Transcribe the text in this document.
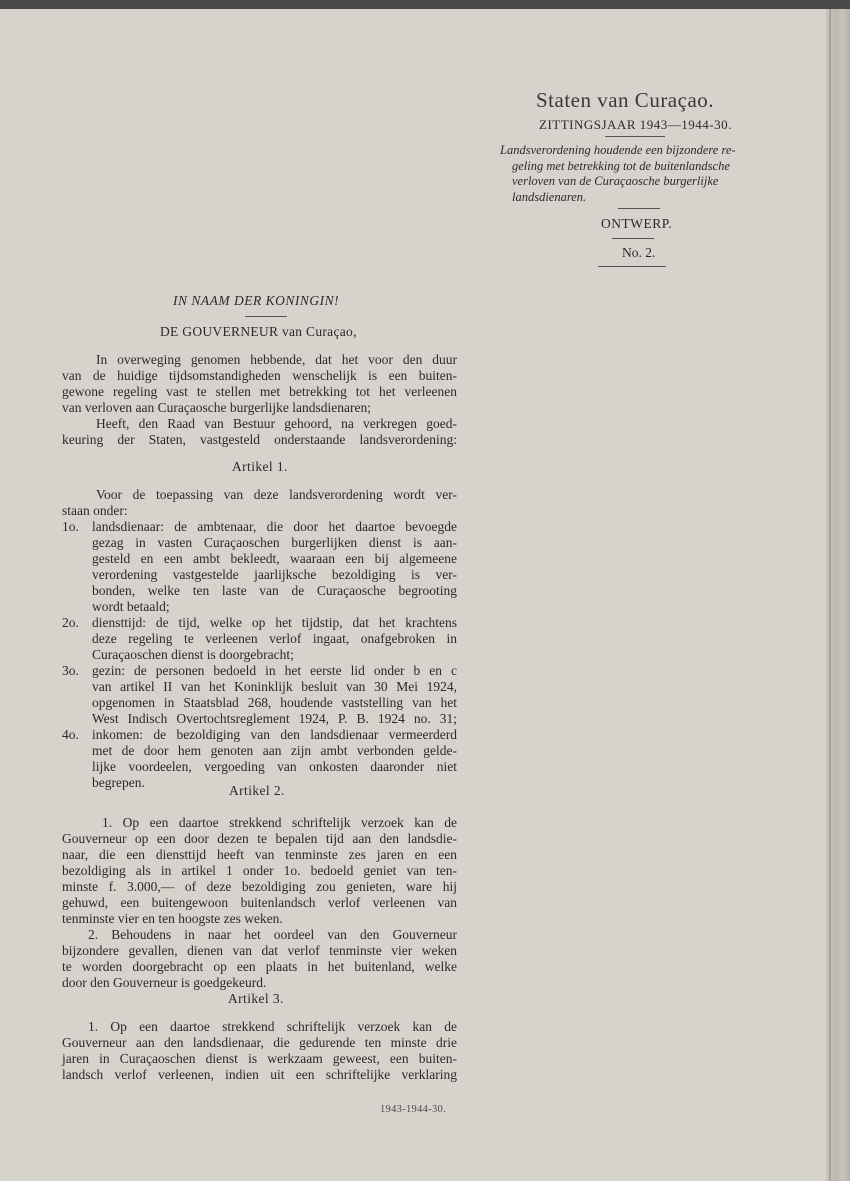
Staten van Curaçao.
ZITTINGSJAAR 1943—1944-30.
Landsverordening houdende een bijzondere re-
geling met betrekking tot de buitenlandsche
verloven van de Curaçaosche burgerlijke
landsdienaren.
ONTWERP.
No. 2.
IN NAAM DER KONINGIN!
DE GOUVERNEUR van Curaçao,
In overweging genomen hebbende, dat het voor den duur
van de huidige tijdsomstandigheden wenschelijk is een buiten-
gewone regeling vast te stellen met betrekking tot het verleenen
van verloven aan Curaçaosche burgerlijke landsdienaren;
Heeft, den Raad van Bestuur gehoord, na verkregen goed-
keuring der Staten, vastgesteld onderstaande landsverordening:
Artikel 1.
Voor de toepassing van deze landsverordening wordt ver-
staan onder:
1o. landsdienaar: de ambtenaar, die door het daartoe bevoegde
gezag in vasten Curaçaoschen burgerlijken dienst is aan-
gesteld en een ambt bekleedt, waaraan een bij algemeene
verordening vastgestelde jaarlijksche bezoldiging is ver-
bonden, welke ten laste van de Curaçaosche begrooting
wordt betaald;
2o. diensttijd: de tijd, welke op het tijdstip, dat het krachtens
deze regeling te verleenen verlof ingaat, onafgebroken in
Curaçaoschen dienst is doorgebracht;
3o. gezin: de personen bedoeld in het eerste lid onder b en c
van artikel II van het Koninklijk besluit van 30 Mei 1924,
opgenomen in Staatsblad 268, houdende vaststelling van het
West Indisch Overtochtsreglement 1924, P. B. 1924 no. 31;
4o. inkomen: de bezoldiging van den landsdienaar vermeerderd
met de door hem genoten aan zijn ambt verbonden gelde-
lijke voordeelen, vergoeding van onkosten daaronder niet
begrepen.
Artikel 2.
1. Op een daartoe strekkend schriftelijk verzoek kan de
Gouverneur op een door dezen te bepalen tijd aan den landsdie-
naar, die een diensttijd heeft van tenminste zes jaren en een
bezoldiging als in artikel 1 onder 1o. bedoeld geniet van ten-
minste f. 3.000,— of deze bezoldiging zou genieten, ware hij
gehuwd, een buitengewoon buitenlandsch verlof verleenen van
tenminste vier en ten hoogste zes weken.
2. Behoudens in naar het oordeel van den Gouverneur
bijzondere gevallen, dienen van dat verlof tenminste vier weken
te worden doorgebracht op een plaats in het buitenland, welke
door den Gouverneur is goedgekeurd.
Artikel 3.
1. Op een daartoe strekkend schriftelijk verzoek kan de
Gouverneur aan den landsdienaar, die gedurende ten minste drie
jaren in Curaçaoschen dienst is werkzaam geweest, een buiten-
landsch verlof verleenen, indien uit een schriftelijke verklaring
1943-1944-30.
